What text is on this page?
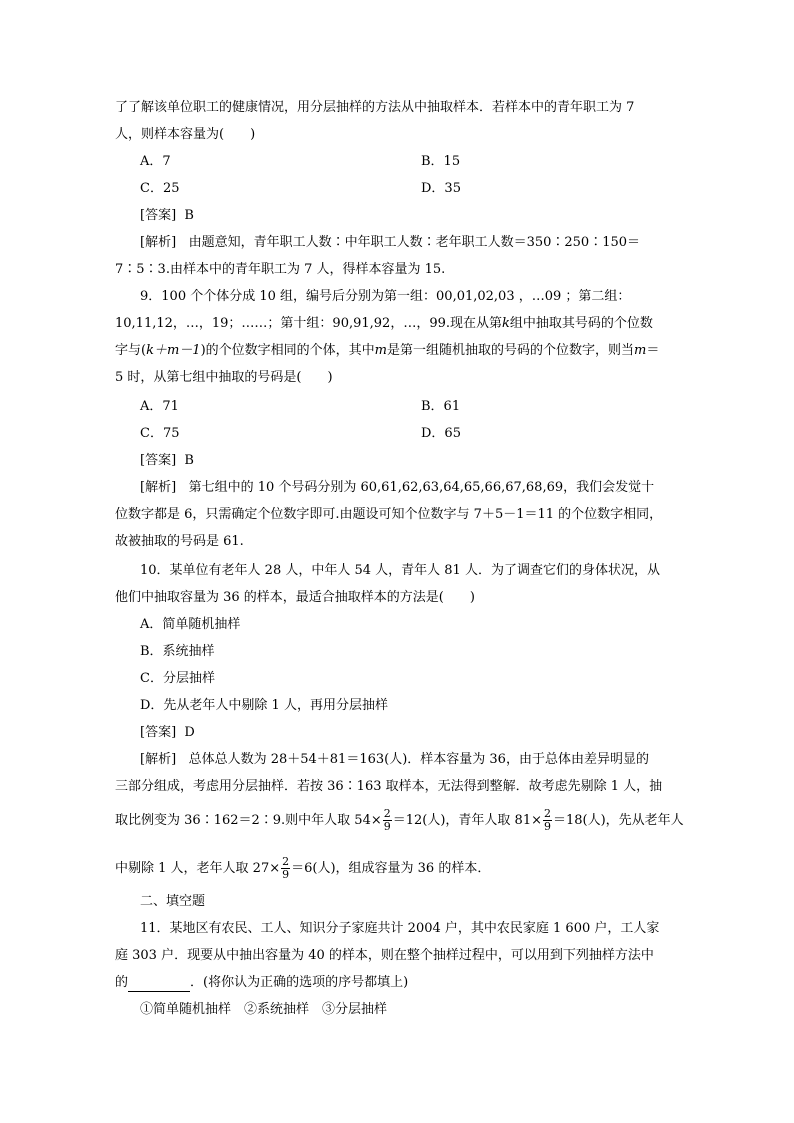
了了解该单位职工的健康情况，用分层抽样的方法从中抽取样本．若样本中的青年职工为 7
人，则样本容量为(　　)
A．7	B．15
C．25	D．35
[答案] B
[解析] 由题意知，青年职工人数∶中年职工人数∶老年职工人数＝350∶250∶150＝
7∶5∶3.由样本中的青年职工为 7 人，得样本容量为 15.
9．100 个个体分成 10 组，编号后分别为第一组：00,01,02,03 ，…09 ；第二组：
10,11,12，…，19；……；第十组：90,91,92，…，99.现在从第k组中抽取其号码的个位数
字与(k＋m－1)的个位数字相同的个体，其中m是第一组随机抽取的号码的个位数字，则当m＝
5 时，从第七组中抽取的号码是(　　)
A．71	B．61
C．75	D．65
[答案] B
[解析] 第七组中的 10 个号码分别为 60,61,62,63,64,65,66,67,68,69，我们会发觉十
位数字都是 6，只需确定个位数字即可.由题设可知个位数字与 7＋5－1＝11 的个位数字相同，
故被抽取的号码是 61.
10．某单位有老年人 28 人，中年人 54 人，青年人 81 人．为了调查它们的身体状况，从
他们中抽取容量为 36 的样本，最适合抽取样本的方法是(　　)
A．简单随机抽样
B．系统抽样
C．分层抽样
D．先从老年人中剔除 1 人，再用分层抽样
[答案] D
[解析] 总体总人数为 28＋54＋81＝163(人)．样本容量为 36，由于总体由差异明显的
三部分组成，考虑用分层抽样．若按 36∶163 取样本，无法得到整解．故考虑先剔除 1 人，抽
取比例变为 36∶162＝2∶9.则中年人取 $54\times \frac{2}{9} =12$(人)，青年人取 $81\times \frac{2}{9} =18$(人)，先从老年人
中剔除 1 人，老年人取 $27\times \frac{2}{9} =6$(人)，组成容量为 36 的样本．
二、填空题
11．某地区有农民、工人、知识分子家庭共计 2004 户，其中农民家庭 1 600 户，工人家
庭 303 户．现要从中抽出容量为 40 的样本，则在整个抽样过程中，可以用到下列抽样方法中
的	．(将你认为正确的选项的序号都填上)
①简单随机抽样　②系统抽样　③分层抽样
